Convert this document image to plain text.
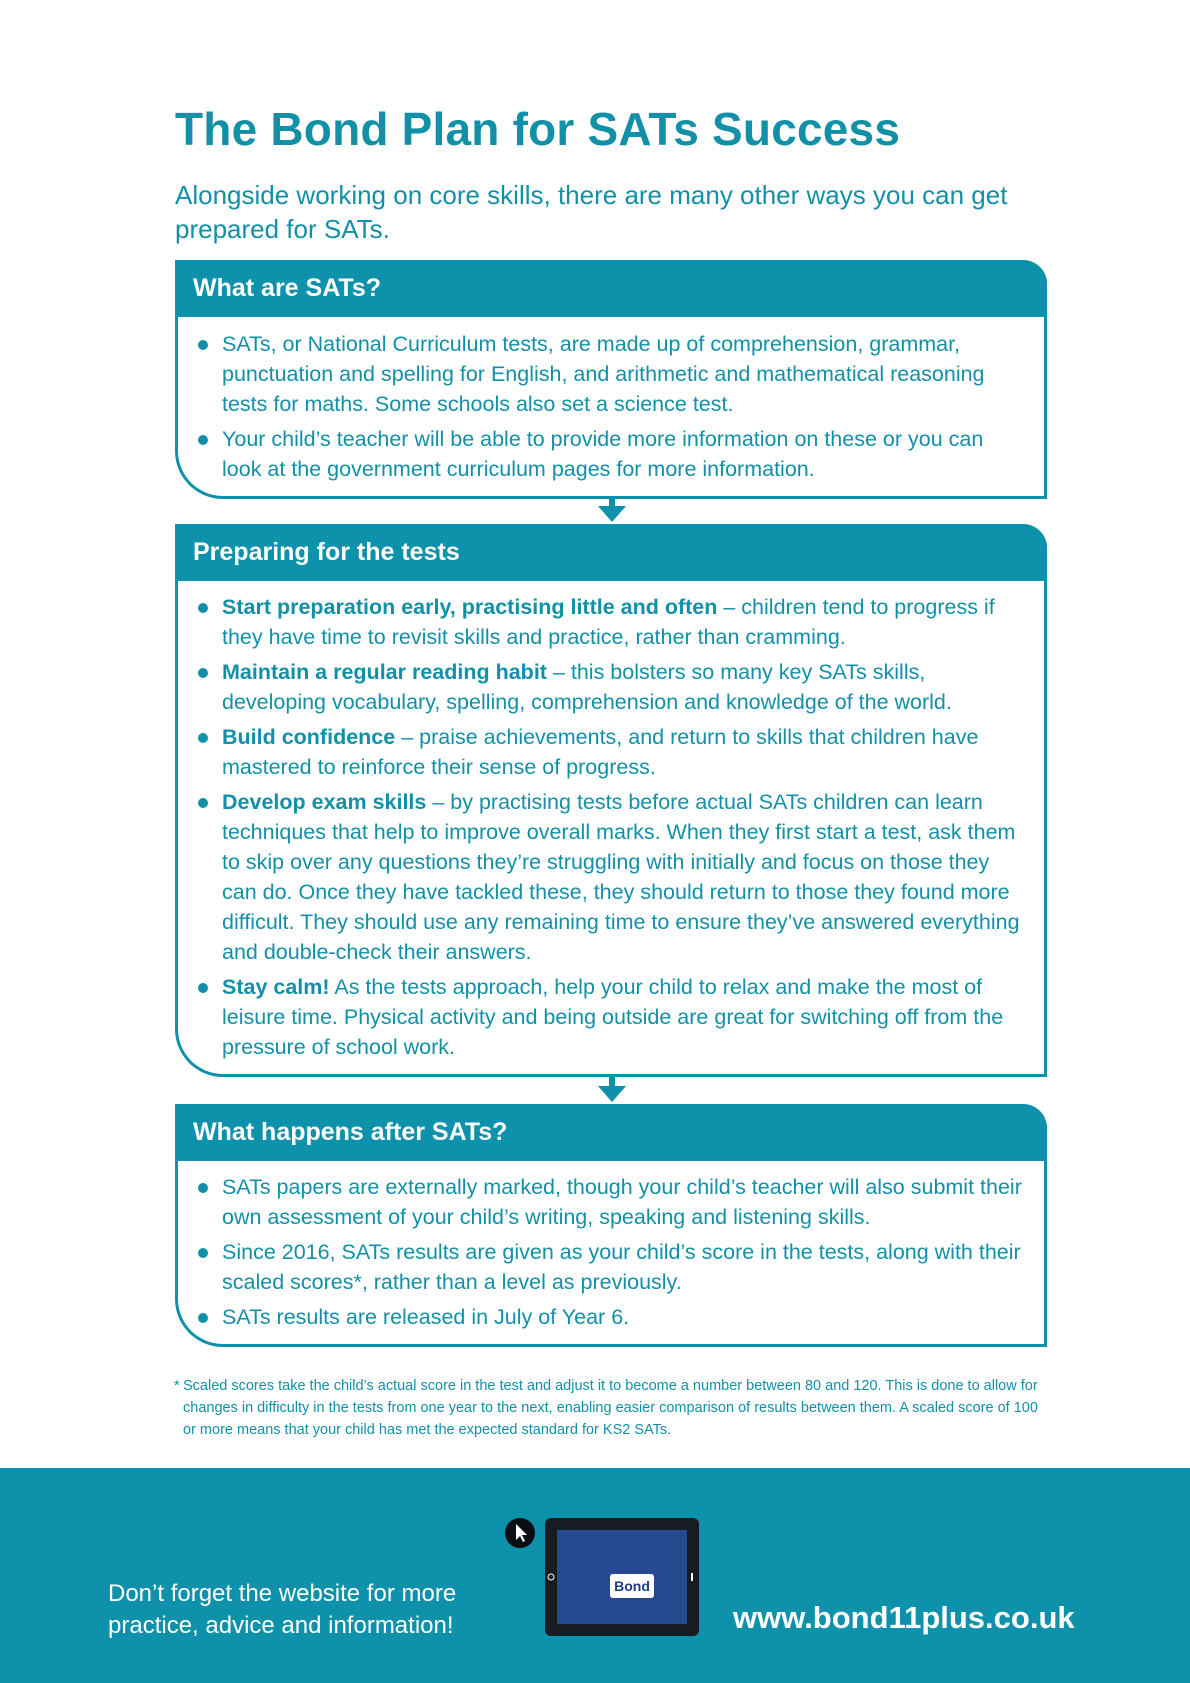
The Bond Plan for SATs Success

Alongside working on core skills, there are many other ways you can get prepared for SATs.

What are SATs?
SATs, or National Curriculum tests, are made up of comprehension, grammar, punctuation and spelling for English, and arithmetic and mathematical reasoning tests for maths. Some schools also set a science test.
Your child’s teacher will be able to provide more information on these or you can look at the government curriculum pages for more information.
Preparing for the tests
Start preparation early, practising little and often – children tend to progress if they have time to revisit skills and practice, rather than cramming.
Maintain a regular reading habit – this bolsters so many key SATs skills, developing vocabulary, spelling, comprehension and knowledge of the world.
Build confidence – praise achievements, and return to skills that children have mastered to reinforce their sense of progress.
Develop exam skills – by practising tests before actual SATs children can learn techniques that help to improve overall marks. When they first start a test, ask them to skip over any questions they’re struggling with initially and focus on those they can do. Once they have tackled these, they should return to those they found more difficult. They should use any remaining time to ensure they’ve answered everything and double-check their answers.
Stay calm! As the tests approach, help your child to relax and make the most of leisure time. Physical activity and being outside are great for switching off from the pressure of school work.
What happens after SATs?
SATs papers are externally marked, though your child’s teacher will also submit their own assessment of your child’s writing, speaking and listening skills.
Since 2016, SATs results are given as your child’s score in the tests, along with their scaled scores*, rather than a level as previously.
SATs results are released in July of Year 6.
* Scaled scores take the child’s actual score in the test and adjust it to become a number between 80 and 120. This is done to allow for changes in difficulty in the tests from one year to the next, enabling easier comparison of results between them. A scaled score of 100 or more means that your child has met the expected standard for KS2 SATs.
Don’t forget the website for more practice, advice and information!
Bond
www.bond11plus.co.uk
